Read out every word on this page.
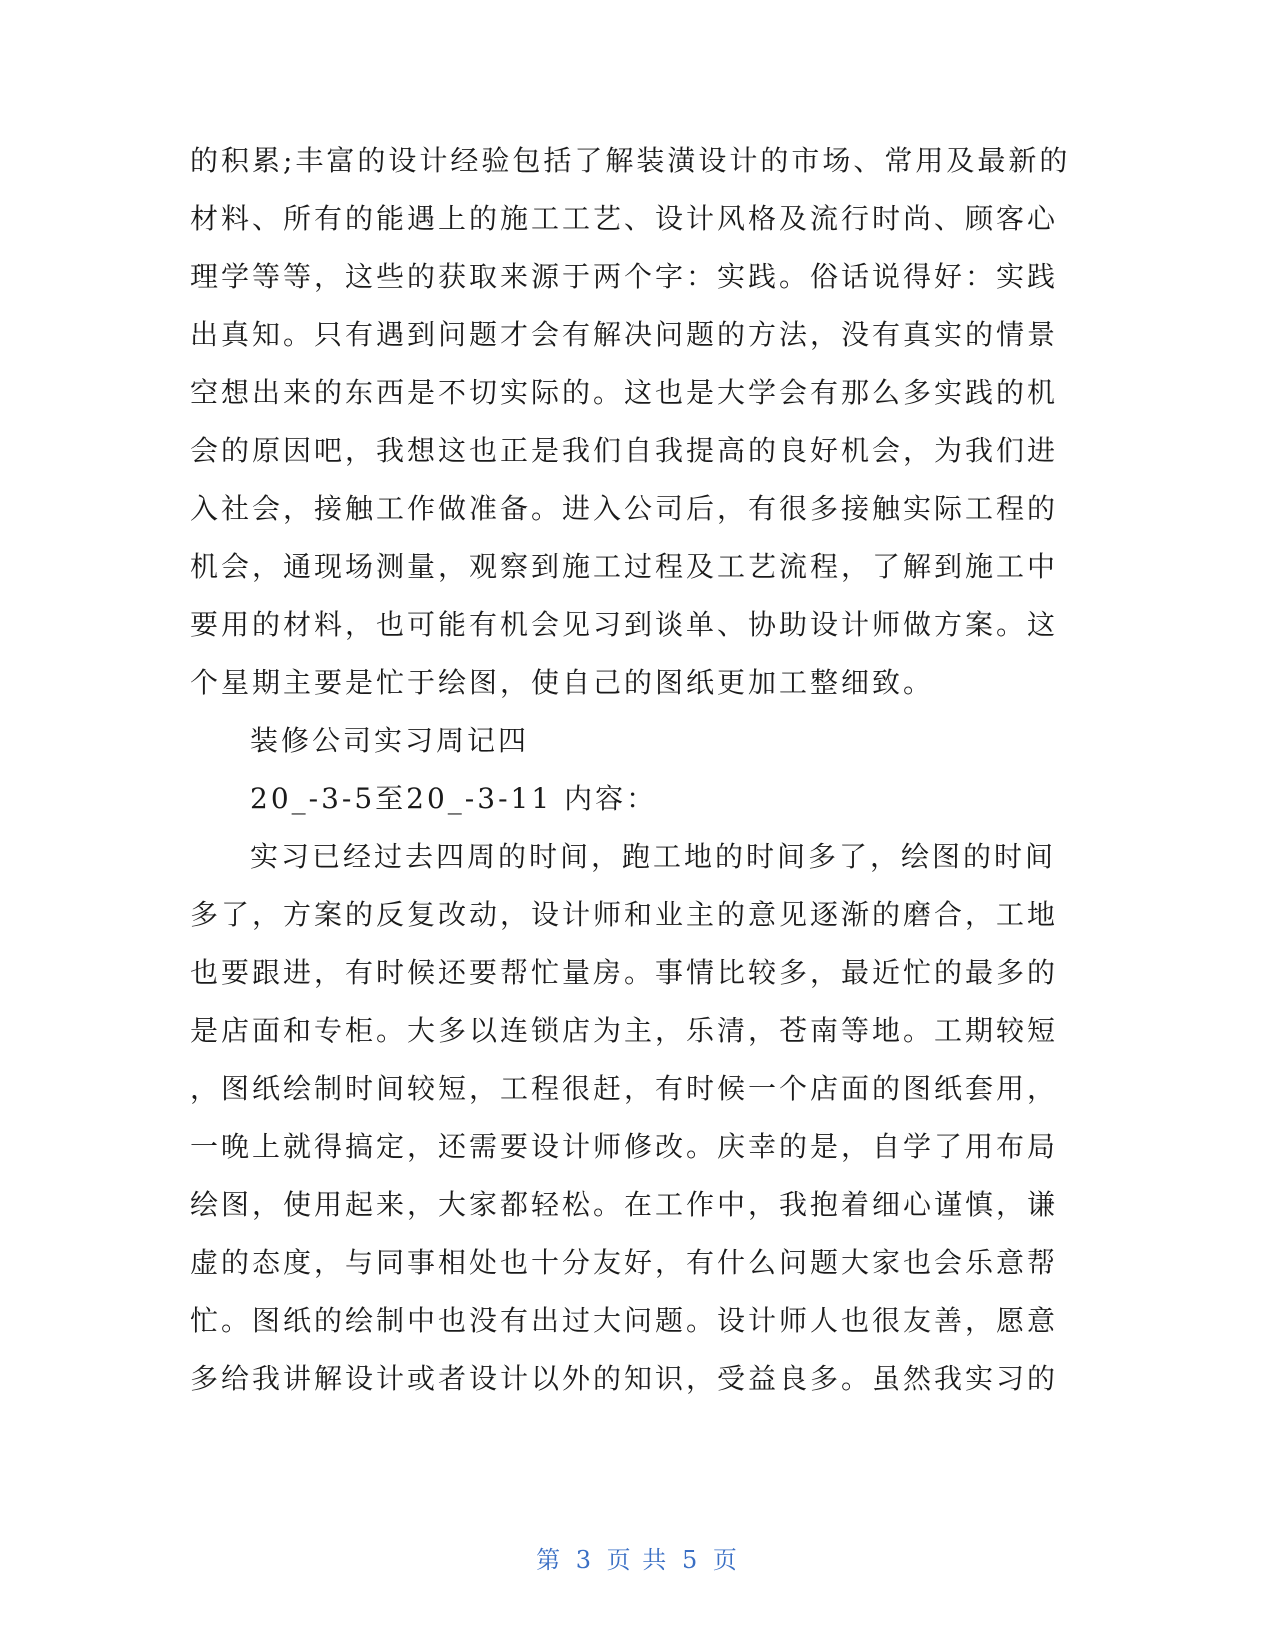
的积累;丰富的设计经验包括了解装潢设计的市场、常用及最新的
材料、所有的能遇上的施工工艺、设计风格及流行时尚、顾客心
理学等等，这些的获取来源于两个字：实践。俗话说得好：实践
出真知。只有遇到问题才会有解决问题的方法，没有真实的情景
空想出来的东西是不切实际的。这也是大学会有那么多实践的机
会的原因吧，我想这也正是我们自我提高的良好机会，为我们进
入社会，接触工作做准备。进入公司后，有很多接触实际工程的
机会，通现场测量，观察到施工过程及工艺流程，了解到施工中
要用的材料，也可能有机会见习到谈单、协助设计师做方案。这
个星期主要是忙于绘图，使自己的图纸更加工整细致。
装修公司实习周记四
20_-3-5至20_-3-11 内容：
实习已经过去四周的时间，跑工地的时间多了，绘图的时间
多了，方案的反复改动，设计师和业主的意见逐渐的磨合，工地
也要跟进，有时候还要帮忙量房。事情比较多，最近忙的最多的
是店面和专柜。大多以连锁店为主，乐清，苍南等地。工期较短
，图纸绘制时间较短，工程很赶，有时候一个店面的图纸套用，
一晚上就得搞定，还需要设计师修改。庆幸的是，自学了用布局
绘图，使用起来，大家都轻松。在工作中，我抱着细心谨慎，谦
虚的态度，与同事相处也十分友好，有什么问题大家也会乐意帮
忙。图纸的绘制中也没有出过大问题。设计师人也很友善，愿意
多给我讲解设计或者设计以外的知识，受益良多。虽然我实习的
第 3 页 共 5 页
